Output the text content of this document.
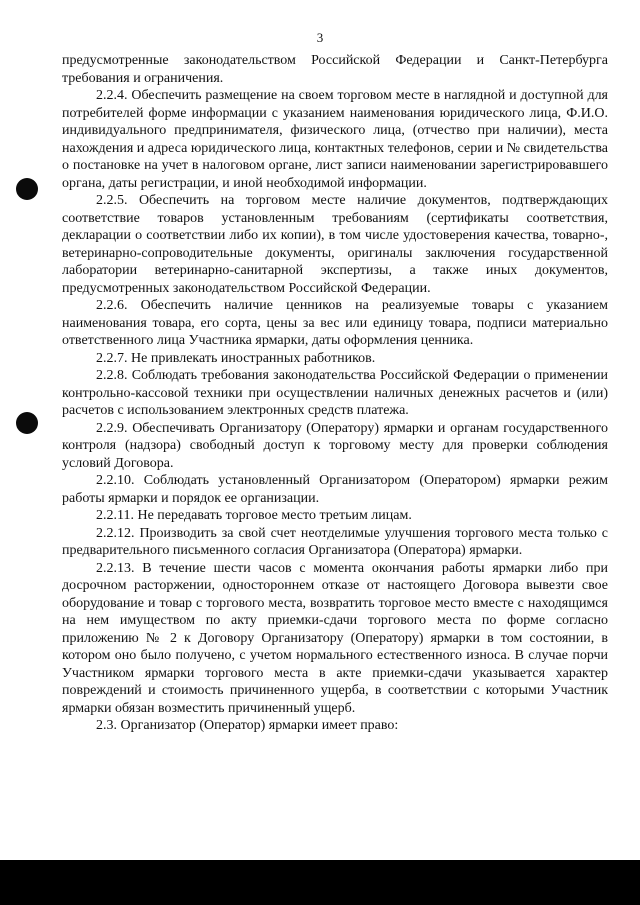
3

предусмотренные законодательством Российской Федерации и Санкт-Петербурга требования и ограничения.

2.2.4. Обеспечить размещение на своем торговом месте в наглядной и доступной для потребителей форме информации с указанием наименования юридического лица, Ф.И.О. индивидуального предпринимателя, физического лица, (отчество при наличии), места нахождения и адреса юридического лица, контактных телефонов, серии и № свидетельства о постановке на учет в налоговом органе, лист записи наименовании зарегистрировавшего органа, даты регистрации, и иной необходимой информации.

2.2.5. Обеспечить на торговом месте наличие документов, подтверждающих соответствие товаров установленным требованиям (сертификаты соответствия, декларации о соответствии либо их копии), в том числе удостоверения качества, товарно-, ветеринарно-сопроводительные документы, оригиналы заключения государственной лаборатории ветеринарно-санитарной экспертизы, а также иных документов, предусмотренных законодательством Российской Федерации.

2.2.6. Обеспечить наличие ценников на реализуемые товары с указанием наименования товара, его сорта, цены за вес или единицу товара, подписи материально ответственного лица Участника ярмарки, даты оформления ценника.

2.2.7. Не привлекать иностранных работников.

2.2.8. Соблюдать требования законодательства Российской Федерации о применении контрольно-кассовой техники при осуществлении наличных денежных расчетов и (или) расчетов с использованием электронных средств платежа.

2.2.9. Обеспечивать Организатору (Оператору) ярмарки и органам государственного контроля (надзора) свободный доступ к торговому месту для проверки соблюдения условий Договора.

2.2.10. Соблюдать установленный Организатором (Оператором) ярмарки режим работы ярмарки и порядок ее организации.

2.2.11. Не передавать торговое место третьим лицам.

2.2.12. Производить за свой счет неотделимые улучшения торгового места только с предварительного письменного согласия Организатора (Оператора) ярмарки.

2.2.13. В течение шести часов с момента окончания работы ярмарки либо при досрочном расторжении, одностороннем отказе от настоящего Договора вывезти свое оборудование и товар с торгового места, возвратить торговое место вместе с находящимся на нем имуществом по акту приемки-сдачи торгового места по форме согласно приложению № 2 к Договору Организатору (Оператору) ярмарки в том состоянии, в котором оно было получено, с учетом нормального естественного износа. В случае порчи Участником ярмарки торгового места в акте приемки-сдачи указывается характер повреждений и стоимость причиненного ущерба, в соответствии с которыми Участник ярмарки обязан возместить причиненный ущерб.

2.3. Организатор (Оператор) ярмарки имеет право:
